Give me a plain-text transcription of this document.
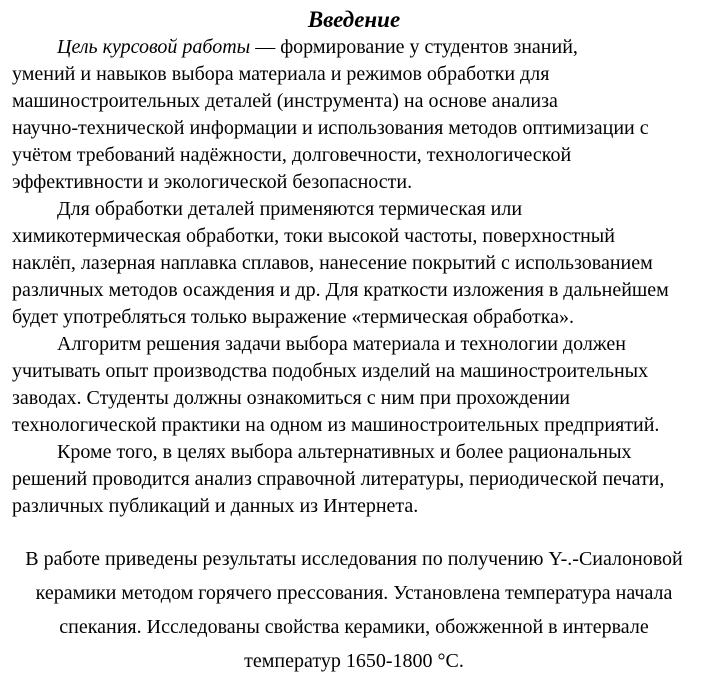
Введение
Цель курсовой работы — формирование у студентов знаний,
умений и навыков выбора материала и режимов обработки для
машиностроительных деталей (инструмента) на основе анализа
научно-технической информации и использования методов оптимизации с
учётом требований надёжности, долговечности, технологической
эффективности и экологической безопасности.
Для обработки деталей применяются термическая или
химикотермическая обработки, токи высокой частоты, поверхностный
наклёп, лазерная наплавка сплавов, нанесение покрытий с использованием
различных методов осаждения и др. Для краткости изложения в дальнейшем
будет употребляться только выражение «термическая обработка».
Алгоритм решения задачи выбора материала и технологии должен
учитывать опыт производства подобных изделий на машиностроительных
заводах. Студенты должны ознакомиться с ним при прохождении
технологической практики на одном из машиностроительных предприятий.
Кроме того, в целях выбора альтернативных и более рациональных
решений проводится анализ справочной литературы, периодической печати,
различных публикаций и данных из Интернета.
В работе приведены результаты исследования по получению Y-.-Сиалоновой
керамики методом горячего прессования. Установлена температура начала
спекания. Исследованы свойства керамики, обожженной в интервале
температур 1650-1800 °С.
